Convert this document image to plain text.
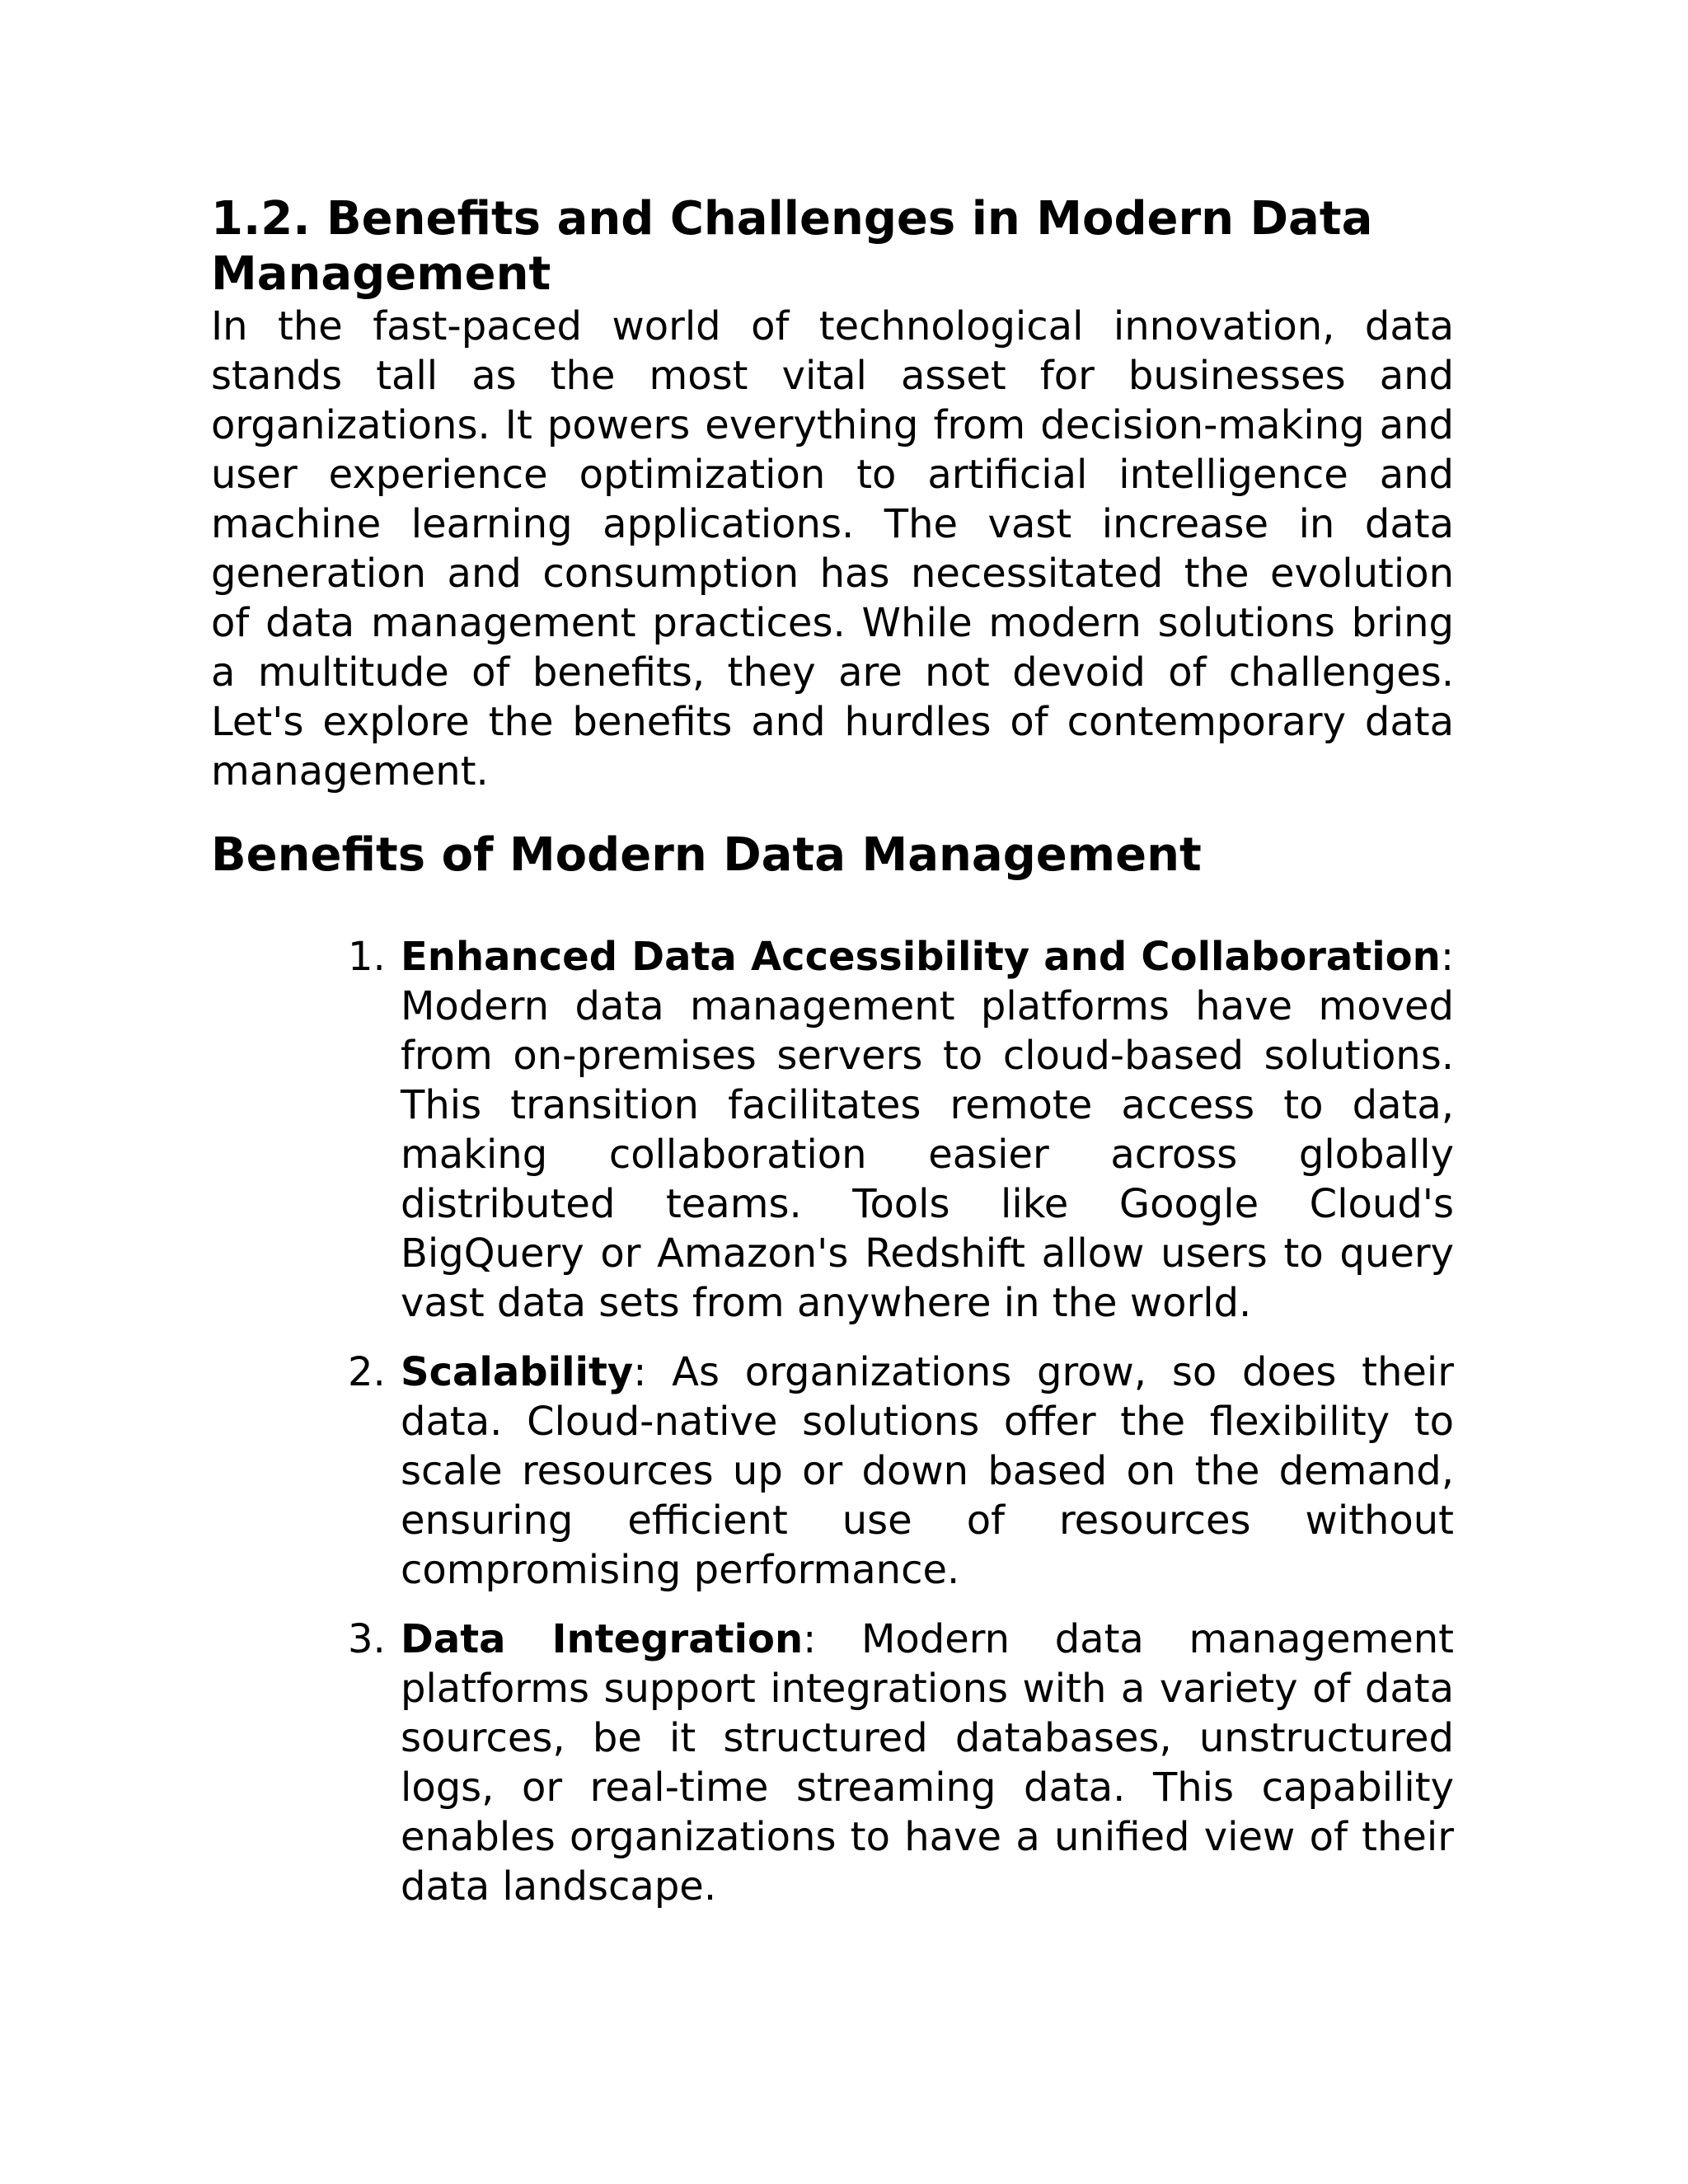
1.2. Benefits and Challenges in Modern Data Management

In the fast-paced world of technological innovation, data stands tall as the most vital asset for businesses and organizations. It powers everything from decision-making and user experience optimization to artificial intelligence and machine learning applications. The vast increase in data generation and consumption has necessitated the evolution of data management practices. While modern solutions bring a multitude of benefits, they are not devoid of challenges. Let's explore the benefits and hurdles of contemporary data management.

Benefits of Modern Data Management
1. Enhanced Data Accessibility and Collaboration: Modern data management platforms have moved from on-premises servers to cloud-based solutions. This transition facilitates remote access to data, making collaboration easier across globally distributed teams. Tools like Google Cloud's BigQuery or Amazon's Redshift allow users to query vast data sets from anywhere in the world.
2. Scalability: As organizations grow, so does their data. Cloud-native solutions offer the flexibility to scale resources up or down based on the demand, ensuring efficient use of resources without compromising performance.
3. Data Integration: Modern data management platforms support integrations with a variety of data sources, be it structured databases, unstructured logs, or real-time streaming data. This capability enables organizations to have a unified view of their data landscape.
